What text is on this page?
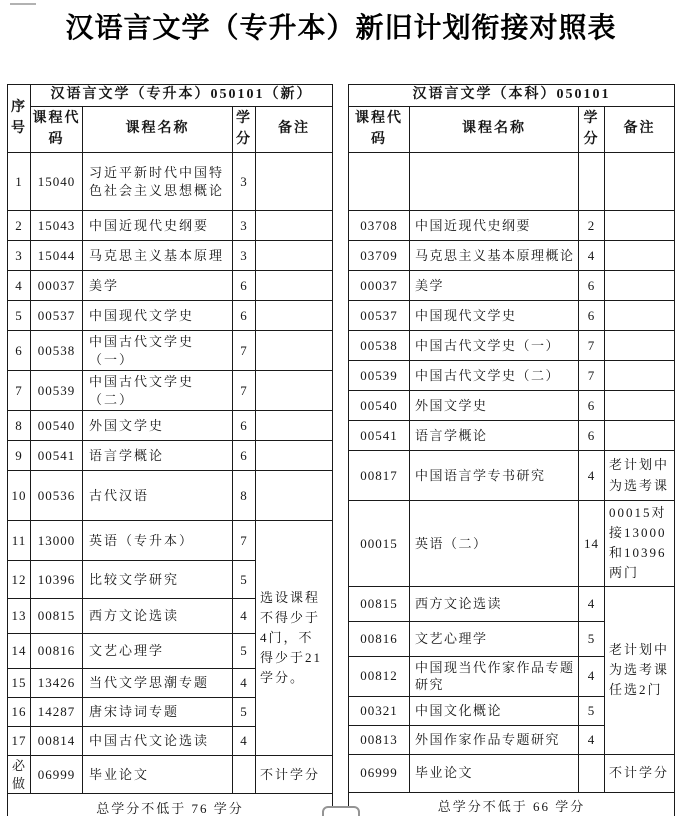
汉语言文学（专升本）新旧计划衔接对照表
序号	汉语言文学（专升本）050101（新）			
	课程代码	课程名称	学分	备注
1	15040	习近平新时代中国特色社会主义思想概论	3	
2	15043	中国近现代史纲要	3	
3	15044	马克思主义基本原理	3	
4	00037	美学	6	
5	00537	中国现代文学史	6	
6	00538	中国古代文学史（一）	7	
7	00539	中国古代文学史（二）	7	
8	00540	外国文学史	6	
9	00541	语言学概论	6	
10	00536	古代汉语	8	
11	13000	英语（专升本）	7	选设课程不得少于4门，不得少于21学分。
12	10396	比较文学研究	5	
13	00815	西方文论选读	4	
14	00816	文艺心理学	5	
15	13426	当代文学思潮专题	4	
16	14287	唐宋诗词专题	5	
17	00814	中国古代文论选读	4	
必做	06999	毕业论文		不计学分
总学分不低于 76 学分				
汉语言文学（本科）050101			
课程代码	课程名称	学分	备注

03708	中国近现代史纲要	2	
03709	马克思主义基本原理概论	4	
00037	美学	6	
00537	中国现代文学史	6	
00538	中国古代文学史（一）	7	
00539	中国古代文学史（二）	7	
00540	外国文学史	6	
00541	语言学概论	6	
00817	中国语言学专书研究	4	老计划中为选考课
00015	英语（二）	14	00015对接13000和10396两门
00815	西方文论选读	4	老计划中为选考课任选2门
00816	文艺心理学	5	
00812	中国现当代作家作品专题研究	4	
00321	中国文化概论	5	
00813	外国作家作品专题研究	4	
06999	毕业论文		不计学分
总学分不低于 66 学分			
